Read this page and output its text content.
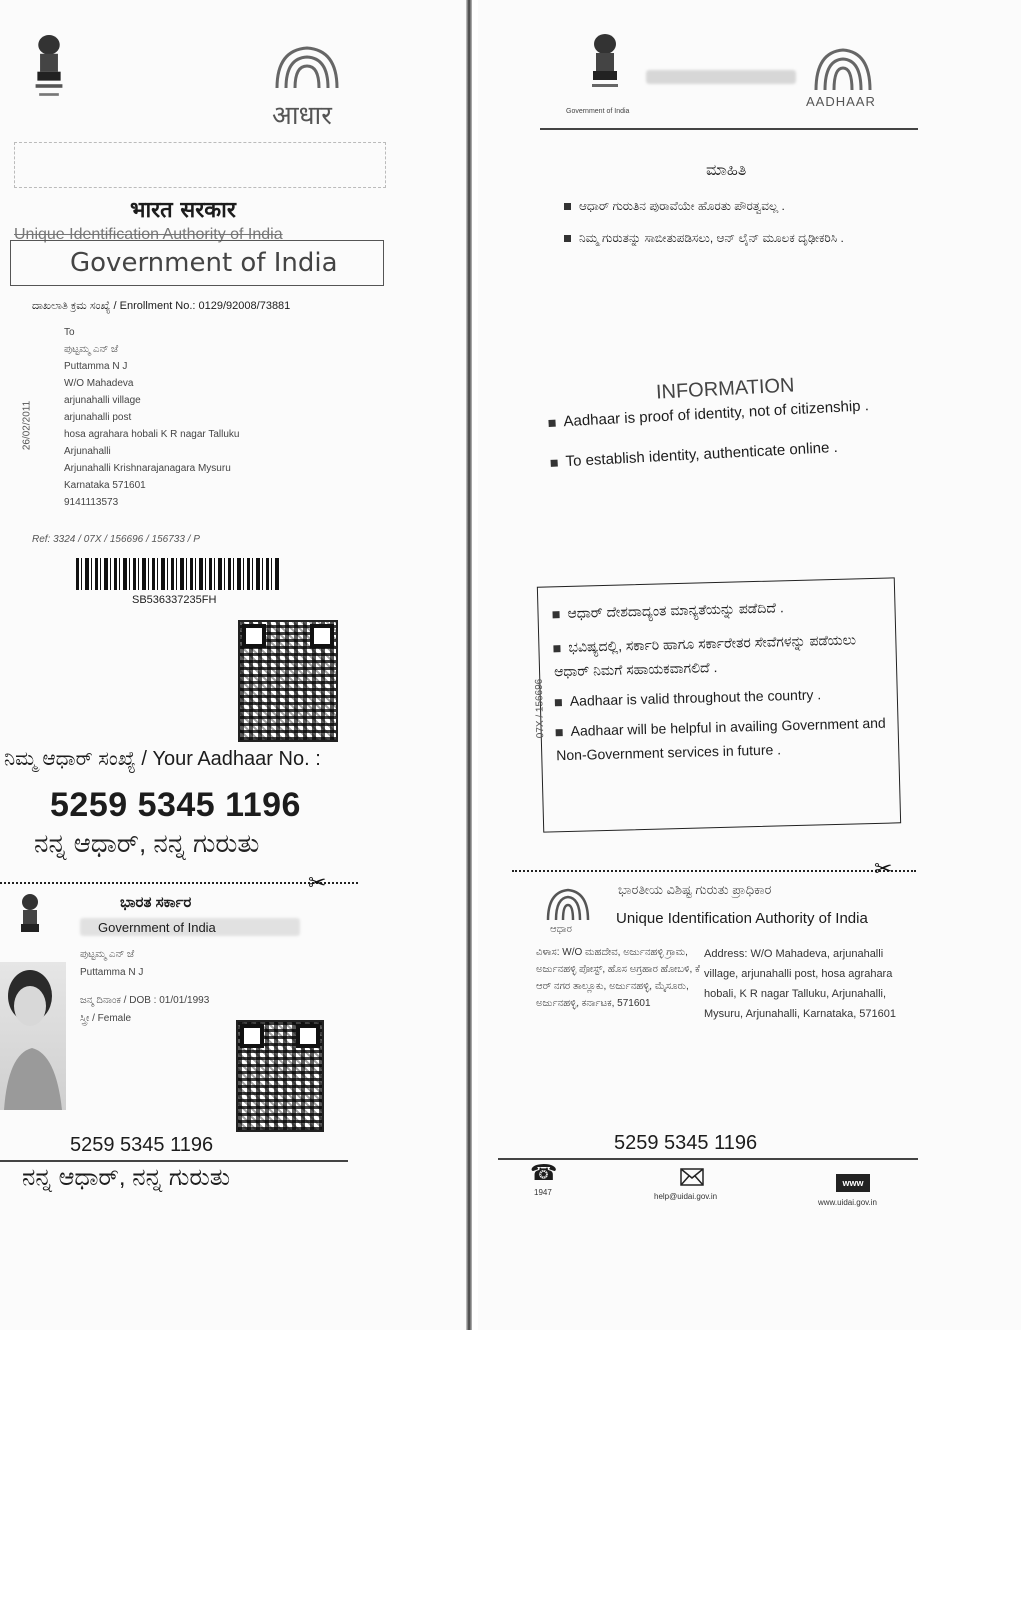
आधार
भारत सरकार
Unique Identification Authority of India
Government of India
ದಾಖಲಾತಿ ಕ್ರಮ ಸಂಖ್ಯೆ / Enrollment No.: 0129/92008/73881
To
ಪುಟ್ಟಮ್ಮ ಎನ್ ಜೆ
Puttamma N J
W/O Mahadeva
arjunahalli village
arjunahalli post
hosa agrahara hobali K R nagar Talluku
Arjunahalli
Arjunahalli Krishnarajanagara Mysuru
Karnataka 571601
9141113573
26/02/2011
Ref: 3324 / 07X / 156696 / 156733 / P
SB536337235FH
ನಿಮ್ಮ ಆಧಾರ್ ಸಂಖ್ಯೆ / Your Aadhaar No. :
5259 5345 1196
ನನ್ನ ಆಧಾರ್, ನನ್ನ ಗುರುತು
✂
ಭಾರತ ಸರ್ಕಾರ
Government of India
ಪುಟ್ಟಮ್ಮ ಎನ್ ಜೆ
Puttamma N J
ಜನ್ಮ ದಿನಾಂಕ / DOB : 01/01/1993
ಸ್ತ್ರೀ / Female
5259 5345 1196
ನನ್ನ ಆಧಾರ್, ನನ್ನ ಗುರುತು
Government of India
AADHAAR
ಮಾಹಿತಿ
ಆಧಾರ್ ಗುರುತಿನ ಪುರಾವೆಯೇ ಹೊರತು ಪೌರತ್ವವಲ್ಲ .
ನಿಮ್ಮ ಗುರುತನ್ನು ಸಾಬೀತುಪಡಿಸಲು, ಆನ್ ಲೈನ್ ಮೂಲಕ ದೃಢೀಕರಿಸಿ .
INFORMATION
Aadhaar is proof of identity, not of citizenship .
To establish identity, authenticate online .
07X / 156696
ಆಧಾರ್ ದೇಶದಾದ್ಯಂತ ಮಾನ್ಯತೆಯನ್ನು ಪಡೆದಿದೆ .
ಭವಿಷ್ಯದಲ್ಲಿ, ಸರ್ಕಾರಿ ಹಾಗೂ ಸರ್ಕಾರೇತರ ಸೇವೆಗಳನ್ನು ಪಡೆಯಲು ಆಧಾರ್ ನಿಮಗೆ ಸಹಾಯಕವಾಗಲಿದೆ .
Aadhaar is valid throughout the country .
Aadhaar will be helpful in availing Government and Non-Government services in future .
✂
ಆಧಾರ
ಭಾರತೀಯ ವಿಶಿಷ್ಟ ಗುರುತು ಪ್ರಾಧಿಕಾರ
Unique Identification Authority of India
ವಿಳಾಸ: W/O ಮಹದೇವ, ಅರ್ಜುನಹಳ್ಳಿ ಗ್ರಾಮ, ಅರ್ಜುನಹಳ್ಳಿ ಪೋಸ್ಟ್, ಹೊಸ ಅಗ್ರಹಾರ ಹೋಬಳಿ, ಕೆ ಆರ್ ನಗರ ತಾಲ್ಲೂಕು, ಅರ್ಜುನಹಳ್ಳಿ, ಮೈಸೂರು, ಅರ್ಜುನಹಳ್ಳಿ, ಕರ್ನಾಟಕ, 571601
Address: W/O Mahadeva, arjunahalli village, arjunahalli post, hosa agrahara hobali, K R nagar Talluku, Arjunahalli, Mysuru, Arjunahalli, Karnataka, 571601
5259 5345 1196
☎
1947	help@uidai.gov.in
www
www.uidai.gov.in
